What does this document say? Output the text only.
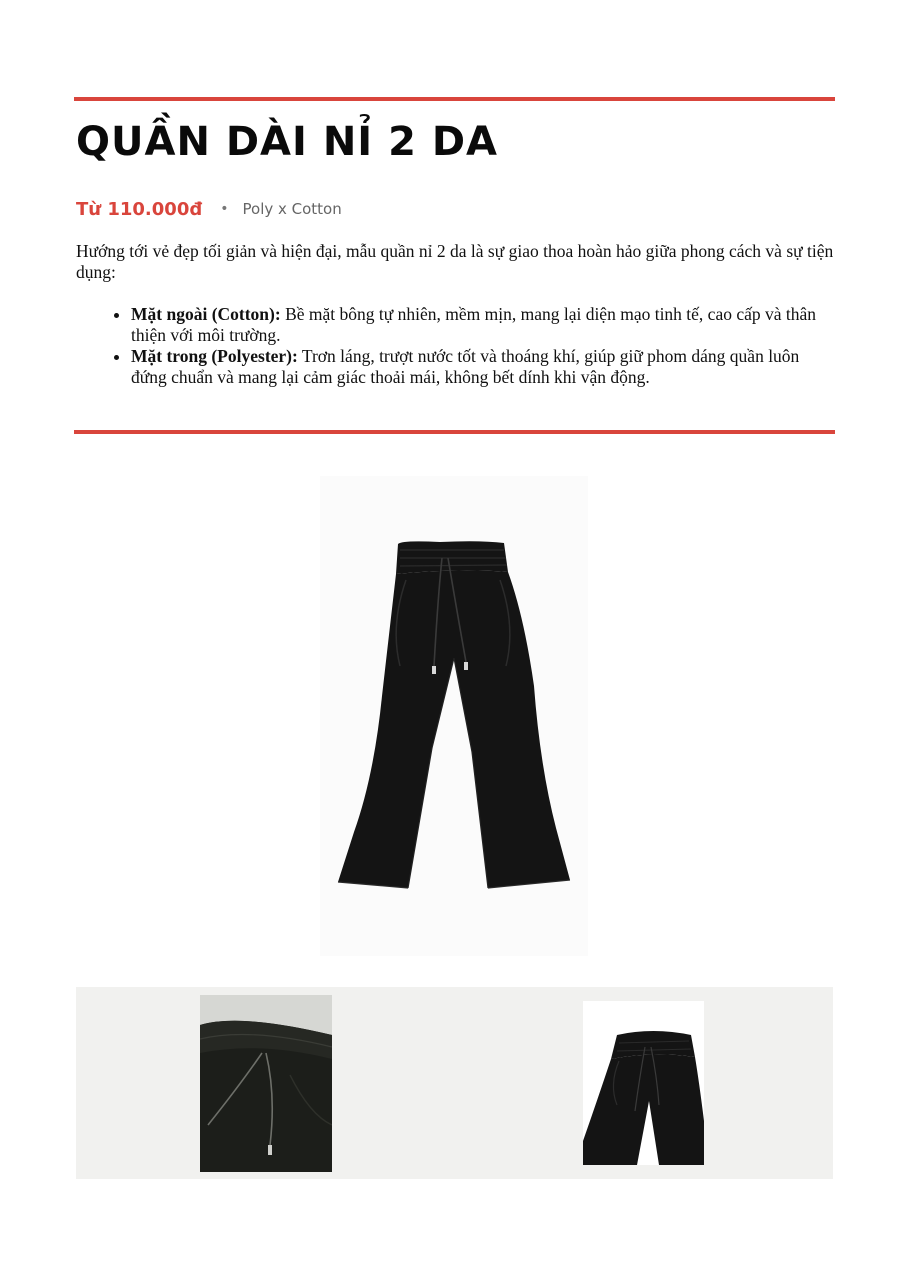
QUẦN DÀI NỈ 2 DA
Từ 110.000đ • Poly x Cotton

Hướng tới vẻ đẹp tối giản và hiện đại, mẫu quần nỉ 2 da là sự giao thoa hoàn hảo giữa phong cách và sự tiện dụng:

• Mặt ngoài (Cotton): Bề mặt bông tự nhiên, mềm mịn, mang lại diện mạo tinh tế, cao cấp và thân thiện với môi trường.
• Mặt trong (Polyester): Trơn láng, trượt nước tốt và thoáng khí, giúp giữ phom dáng quần luôn đứng chuẩn và mang lại cảm giác thoải mái, không bết dính khi vận động.
